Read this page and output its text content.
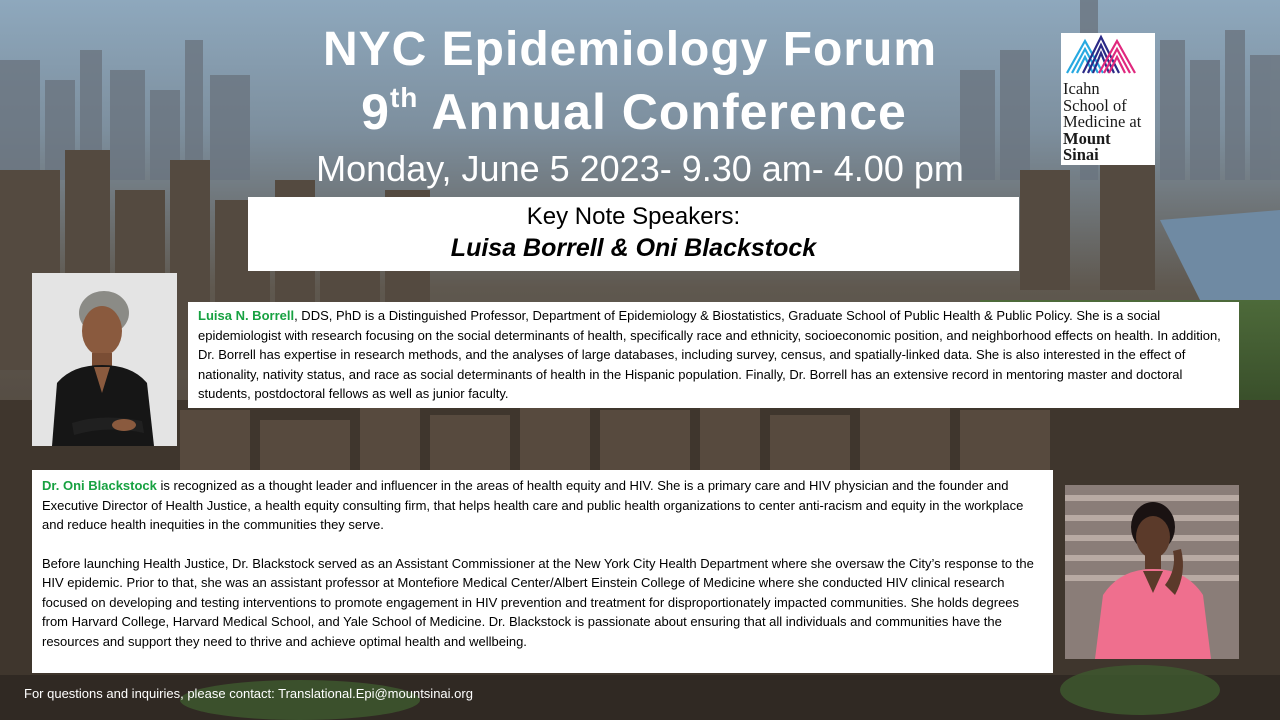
NYC Epidemiology Forum
9th Annual Conference
Monday, June 5 2023- 9.30 am- 4.00 pm
Key Note Speakers:
Luisa Borrell & Oni Blackstock
Icahn
School of
Medicine at
Mount
Sinai
Luisa N. Borrell, DDS, PhD is a Distinguished Professor, Department of Epidemiology & Biostatistics, Graduate School of Public Health & Public Policy. She is a social epidemiologist with research focusing on the social determinants of health, specifically race and ethnicity, socioeconomic position, and neighborhood effects on health. In addition, Dr. Borrell has expertise in research methods, and the analyses of large databases, including survey, census, and spatially-linked data. She is also interested in the effect of nationality, nativity status, and race as social determinants of health in the Hispanic population. Finally, Dr. Borrell has an extensive record in mentoring master and doctoral students, postdoctoral fellows as well as junior faculty.

Dr. Oni Blackstock is recognized as a thought leader and influencer in the areas of health equity and HIV. She is a primary care and HIV physician and the founder and Executive Director of Health Justice, a health equity consulting firm, that helps health care and public health organizations to center anti-racism and equity in the workplace and reduce health inequities in the communities they serve.

Before launching Health Justice, Dr. Blackstock served as an Assistant Commissioner at the New York City Health Department where she oversaw the City’s response to the HIV epidemic. Prior to that, she was an assistant professor at Montefiore Medical Center/Albert Einstein College of Medicine where she conducted HIV clinical research focused on developing and testing interventions to promote engagement in HIV prevention and treatment for disproportionately impacted communities. She holds degrees from Harvard College, Harvard Medical School, and Yale School of Medicine. Dr. Blackstock is passionate about ensuring that all individuals and communities have the resources and support they need to thrive and achieve optimal health and wellbeing.

For questions and inquiries, please contact: Translational.Epi@mountsinai.org
